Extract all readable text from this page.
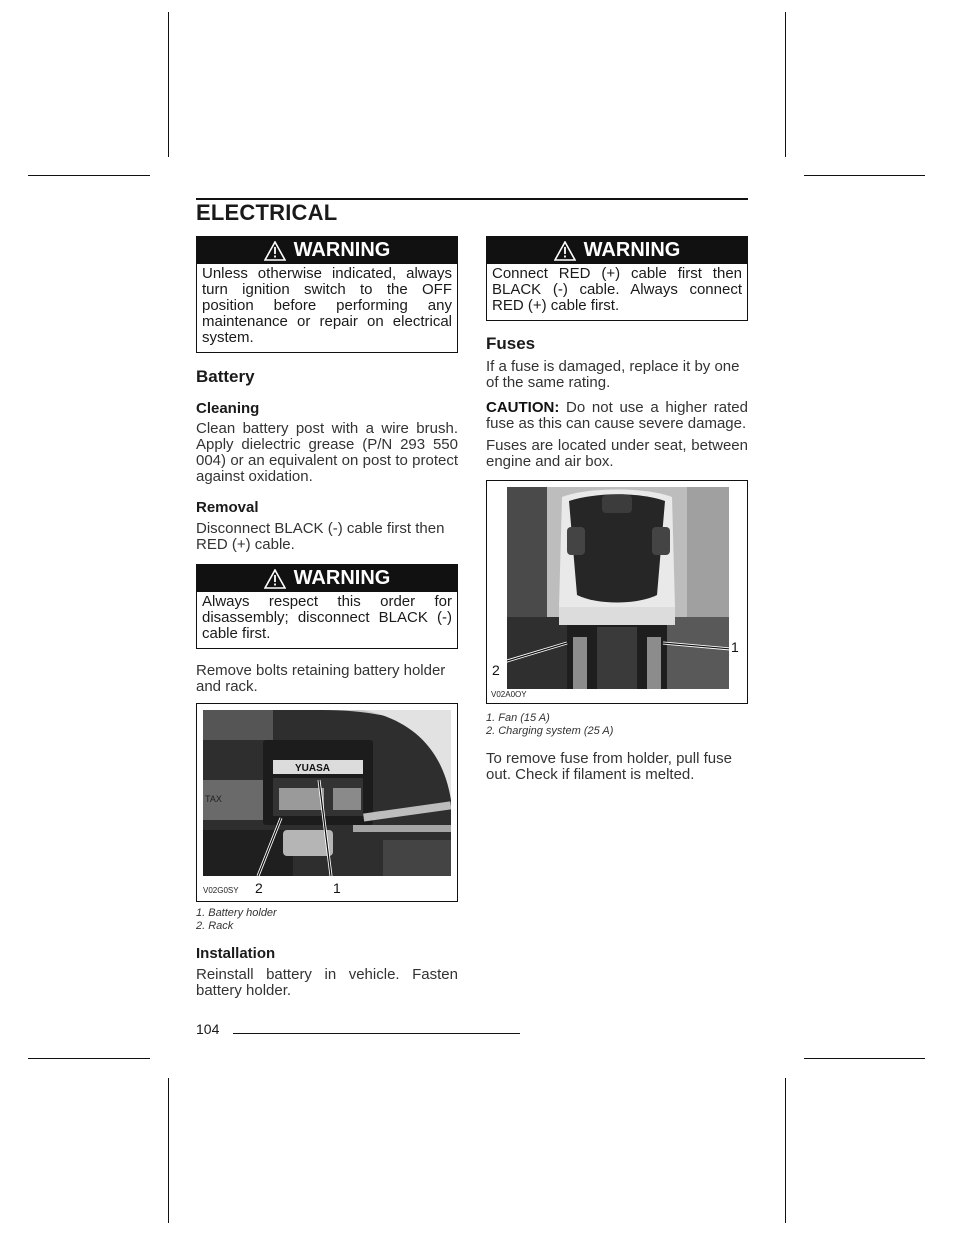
ELECTRICAL
WARNING
Unless otherwise indicated, always turn ignition switch to the OFF position before performing any maintenance or repair on electrical system.
Battery
Cleaning

Clean battery post with a wire brush. Apply dielectric grease (P/N 293 550 004) or an equivalent on post to protect against oxidation.

Removal

Disconnect BLACK (-) cable first then RED (+) cable.

WARNING
Always respect this order for disassembly; disconnect BLACK (-) cable first.

Remove bolts retaining battery holder and rack.

YUASA
TAX
V02G0SY 2	1
1. Battery holder
2. Rack
Installation

Reinstall battery in vehicle. Fasten battery holder.

WARNING
Connect RED (+) cable first then BLACK (-) cable. Always connect RED (+) cable first.
Fuses

If a fuse is damaged, replace it by one of the same rating.

CAUTION: Do not use a higher rated fuse as this can cause severe damage.

Fuses are located under seat, between engine and air box.

V02A0OY
1
2
1. Fan (15 A)
2. Charging system (25 A)

To remove fuse from holder, pull fuse out. Check if filament is melted.

104
